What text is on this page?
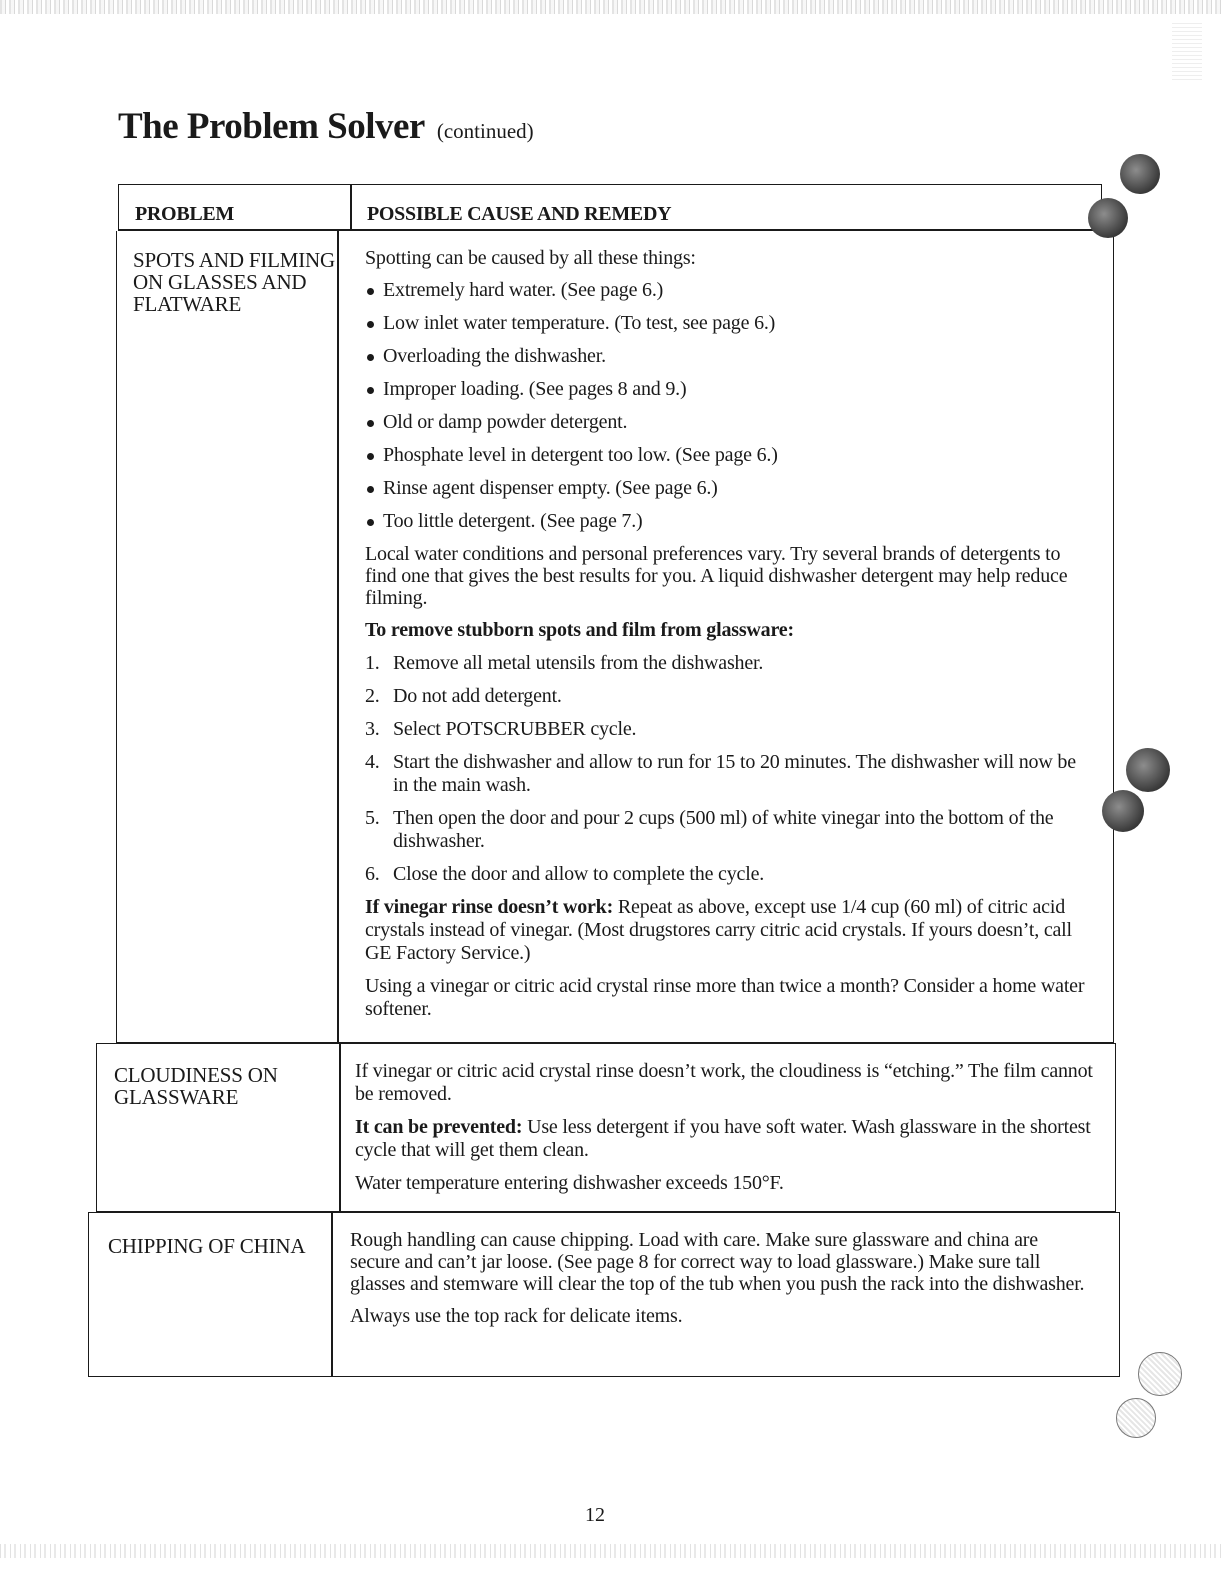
The Problem Solver (continued)
PROBLEM	POSSIBLE CAUSE AND REMEDY
SPOTS AND FILMING
ON GLASSES AND
FLATWARE

Spotting can be caused by all these things:

Extremely hard water. (See page 6.)

Low inlet water temperature. (To test, see page 6.)

Overloading the dishwasher.

Improper loading. (See pages 8 and 9.)

Old or damp powder detergent.

Phosphate level in detergent too low. (See page 6.)

Rinse agent dispenser empty. (See page 6.)

Too little detergent. (See page 7.)

Local water conditions and personal preferences vary. Try several brands of detergents to find one that gives the best results for you. A liquid dishwasher detergent may help reduce filming.

To remove stubborn spots and film from glassware:

1. Remove all metal utensils from the dishwasher.

2. Do not add detergent.

3. Select POTSCRUBBER cycle.

4. Start the dishwasher and allow to run for 15 to 20 minutes. The dishwasher will now be in the main wash.

5. Then open the door and pour 2 cups (500 ml) of white vinegar into the bottom of the dishwasher.

6. Close the door and allow to complete the cycle.

If vinegar rinse doesn’t work: Repeat as above, except use 1/4 cup (60 ml) of citric acid crystals instead of vinegar. (Most drugstores carry citric acid crystals. If yours doesn’t, call GE Factory Service.)

Using a vinegar or citric acid crystal rinse more than twice a month? Consider a home water softener.

CLOUDINESS ON
GLASSWARE

If vinegar or citric acid crystal rinse doesn’t work, the cloudiness is “etching.” The film cannot be removed.

It can be prevented: Use less detergent if you have soft water. Wash glassware in the shortest cycle that will get them clean.

Water temperature entering dishwasher exceeds 150°F.

CHIPPING OF CHINA Rough handling can cause chipping. Load with care. Make sure glassware and china are secure and can’t jar loose. (See page 8 for correct way to load glassware.) Make sure tall glasses and stemware will clear the top of the tub when you push the rack into the dishwasher.

Always use the top rack for delicate items.

12
